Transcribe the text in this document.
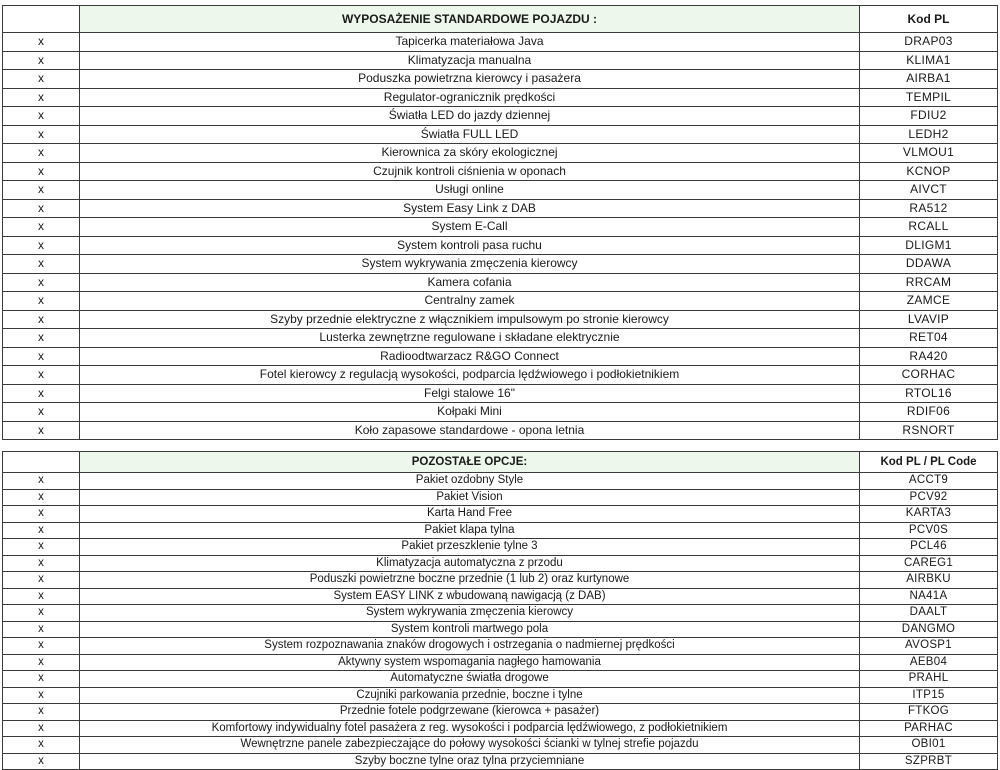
	WYPOSAŻENIE STANDARDOWE POJAZDU :	Kod PL
x	Tapicerka materiałowa Java	DRAP03
x	Klimatyzacja manualna	KLIMA1
x	Poduszka powietrzna kierowcy i pasażera	AIRBA1
x	Regulator-ogranicznik prędkości	TEMPIL
x	Światła LED do jazdy dziennej	FDIU2
x	Światła FULL LED	LEDH2
x	Kierownica za skóry ekologicznej	VLMOU1
x	Czujnik kontroli ciśnienia w oponach	KCNOP
x	Usługi online	AIVCT
x	System Easy Link z DAB	RA512
x	System E-Call	RCALL
x	System kontroli pasa ruchu	DLIGM1
x	System wykrywania zmęczenia kierowcy	DDAWA
x	Kamera cofania	RRCAM
x	Centralny zamek	ZAMCE
x	Szyby przednie elektryczne z włącznikiem impulsowym po stronie kierowcy	LVAVIP
x	Lusterka zewnętrzne regulowane i składane elektrycznie	RET04
x	Radioodtwarzacz R&GO Connect	RA420
x	Fotel kierowcy z regulacją wysokości, podparcia lędźwiowego i podłokietnikiem	CORHAC
x	Felgi stalowe 16"	RTOL16
x	Kołpaki Mini	RDIF06
x	Koło zapasowe standardowe - opona letnia	RSNORT
	POZOSTAŁE OPCJE:	Kod PL / PL Code
x	Pakiet ozdobny Style	ACCT9
x	Pakiet Vision	PCV92
x	Karta Hand Free	KARTA3
x	Pakiet klapa tylna	PCV0S
x	Pakiet przeszklenie tylne 3	PCL46
x	Klimatyzacja automatyczna z przodu	CAREG1
x	Poduszki powietrzne boczne przednie (1 lub 2) oraz kurtynowe	AIRBKU
x	System EASY LINK z wbudowaną nawigacją (z DAB)	NA41A
x	System wykrywania zmęczenia kierowcy	DAALT
x	System kontroli martwego pola	DANGMO
x	System rozpoznawania znaków drogowych i ostrzegania o nadmiernej prędkości	AVOSP1
x	Aktywny system wspomagania nagłego hamowania	AEB04
x	Automatyczne światła drogowe	PRAHL
x	Czujniki parkowania przednie, boczne i tylne	ITP15
x	Przednie fotele podgrzewane (kierowca + pasażer)	FTKOG
x	Komfortowy indywidualny fotel pasażera z reg. wysokości i podparcia lędźwiowego, z podłokietnikiem	PARHAC
x	Wewnętrzne panele zabezpieczające do połowy wysokości ścianki w tylnej strefie pojazdu	OBI01
x	Szyby boczne tylne oraz tylna przyciemniane	SZPRBT
